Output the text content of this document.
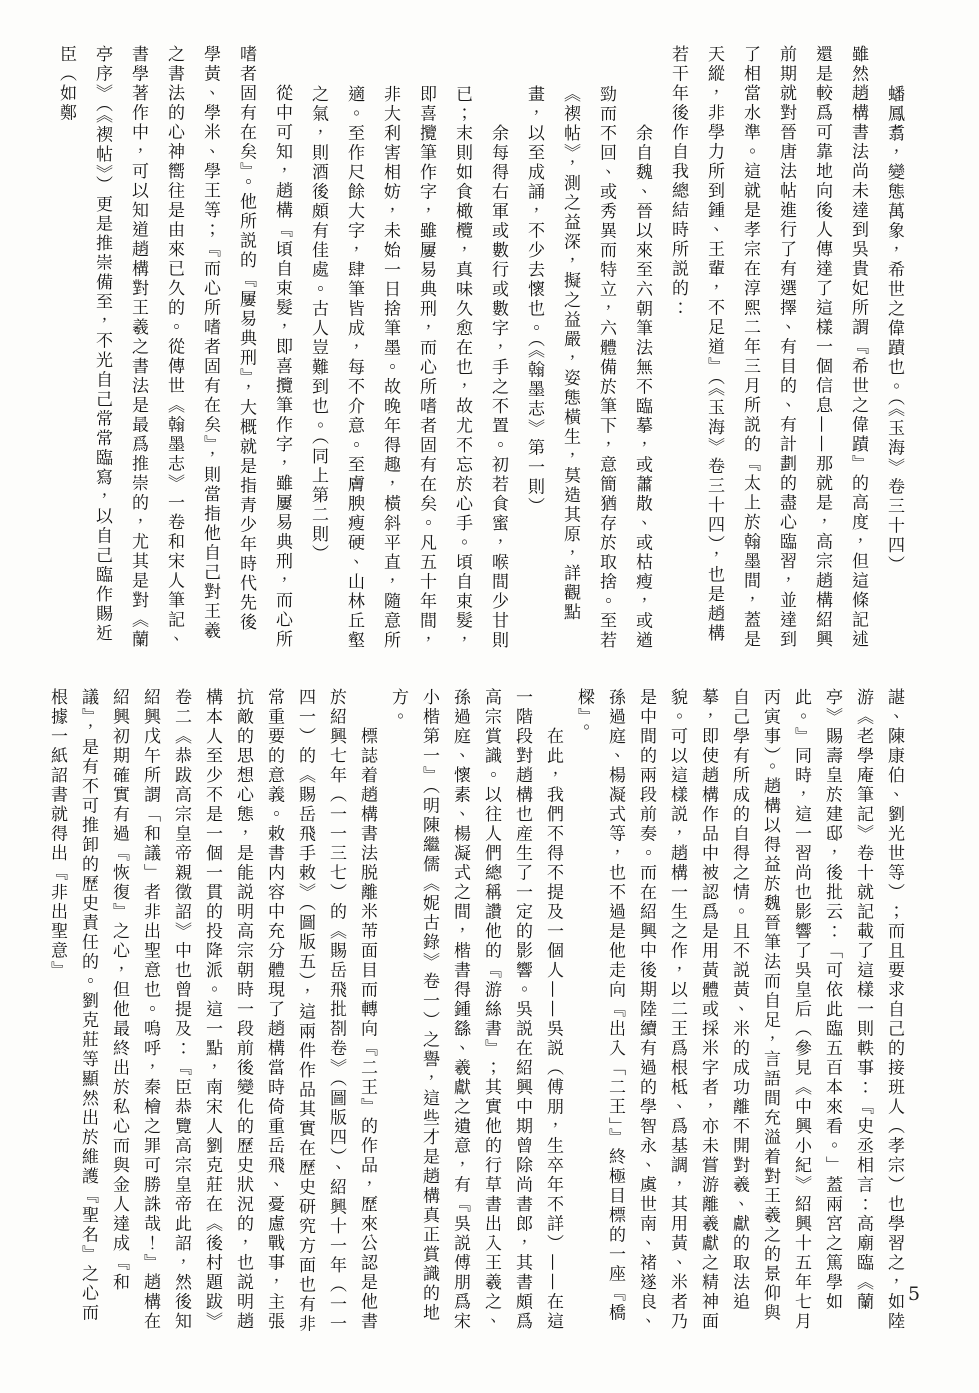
蟠鳳翥，變態萬象，希世之偉蹟也。（《玉海》卷三十四）

雖然趙構書法尚未達到吳貴妃所謂『希世之偉蹟』的高度，但這條記述還是較爲可靠地向後人傳達了這樣一個信息——那就是，高宗趙構紹興前期就對晉唐法帖進行了有選擇、有目的、有計劃的盡心臨習，並達到了相當水準。這就是孝宗在淳熙二年三月所説的『太上於翰墨間，蓋是天縱，非學力所到鍾、王輩，不足道』（《玉海》卷三十四），也是趙構若干年後作自我總結時所説的：

余自魏、晉以來至六朝筆法無不臨摹，或蕭散、或枯瘦，或遒勁而不回、或秀異而特立，六體備於筆下，意簡猶存於取捨。至若《禊帖》，測之益深，擬之益嚴，姿態橫生，莫造其原，詳觀點畫，以至成誦，不少去懷也。（《翰墨志》第一則）

余每得右軍或數行或數字，手之不置。初若食蜜，喉間少甘則已；末則如食橄欖，真味久愈在也，故尤不忘於心手。頃自束髮，即喜攬筆作字，雖屢易典刑，而心所嗜者固有在矣。凡五十年間，非大利害相妨，未始一日捨筆墨。故晚年得趣，橫斜平直，隨意所適。至作尺餘大字，肆筆皆成，每不介意。至膚腴瘦硬、山林丘壑之氣，則酒後頗有佳處。古人豈難到也。（同上第二則）

從中可知，趙構『頃自束髮，即喜攬筆作字，雖屢易典刑，而心所嗜者固有在矣』。他所説的『屢易典刑』，大概就是指青少年時代先後學黃、學米、學王等；『而心所嗜者固有在矣』，則當指他自己對王羲之書法的心神嚮往是由來已久的。從傳世《翰墨志》一卷和宋人筆記、書學著作中，可以知道趙構對王羲之書法是最爲推崇的，尤其是對《蘭亭序》（《禊帖》）更是推崇備至，不光自己常常臨寫，以自己臨作賜近臣（如鄭

諶、陳康伯、劉光世等）；而且要求自己的接班人（孝宗）也學習之，如陸游《老學庵筆記》卷十就記載了這樣一則軼事：『史丞相言：高廟臨《蘭亭》賜壽皇於建邸，後批云：「可依此臨五百本來看。」蓋兩宮之篤學如此。』同時，這一習尚也影響了吳皇后（參見《中興小紀》紹興十五年七月丙寅事）。趙構以得益於魏晉筆法而自足，言語間充溢着對王羲之的景仰與自己學有所成的自得之情。且不説黃、米的成功離不開對羲、獻的取法追摹，即使趙構作品中被認爲是用黃體或採米字者，亦未嘗游離羲獻之精神面貌。可以這樣説，趙構一生之作，以二王爲根柢、爲基調，其用黃、米者乃是中間的兩段前奏。而在紹興中後期陸續有過的學智永、虞世南、褚遂良、孫過庭、楊凝式等，也不過是他走向『出入「二王」』終極目標的一座『橋樑』。

在此，我們不得不提及一個人——吳説（傅朋，生卒年不詳）——在這一階段對趙構也産生了一定的影響。吳説在紹興中期曾除尚書郎，其書頗爲高宗賞識。以往人們總稱讚他的『游絲書』；其實他的行草書出入王羲之、孫過庭、懷素、楊凝式之間，楷書得鍾繇、羲獻之遺意，有『吳説傅朋爲宋小楷第一』（明陳繼儒《妮古錄》卷一）之譽，這些才是趙構真正賞識的地方。

標誌着趙構書法脱離米芾面目而轉向『二王』的作品，歷來公認是他書於紹興七年（一一三七）的《賜岳飛批剳卷》（圖版四）、紹興十一年（一一四一）的《賜岳飛手敕》（圖版五），這兩件作品其實在歷史研究方面也有非常重要的意義。敕書内容中充分體現了趙構當時倚重岳飛、憂慮戰事，主張抗敵的思想心態，是能説明高宗朝時一段前後變化的歷史狀況的，也説明趙構本人至少不是一個一貫的投降派。這一點，南宋人劉克莊在《後村題跋》卷二《恭跋高宗皇帝親徵詔》中也曾提及：『臣恭覽高宗皇帝此詔，然後知紹興戊午所謂「和議」者非出聖意也。嗚呼，秦檜之罪可勝誅哉！』趙構在紹興初期確實有過『恢復』之心，但他最終出於私心而與金人達成『和議』，是有不可推卸的歷史責任的。劉克莊等顯然出於維護『聖名』之心而根據一紙詔書就得出『非出聖意』

5
